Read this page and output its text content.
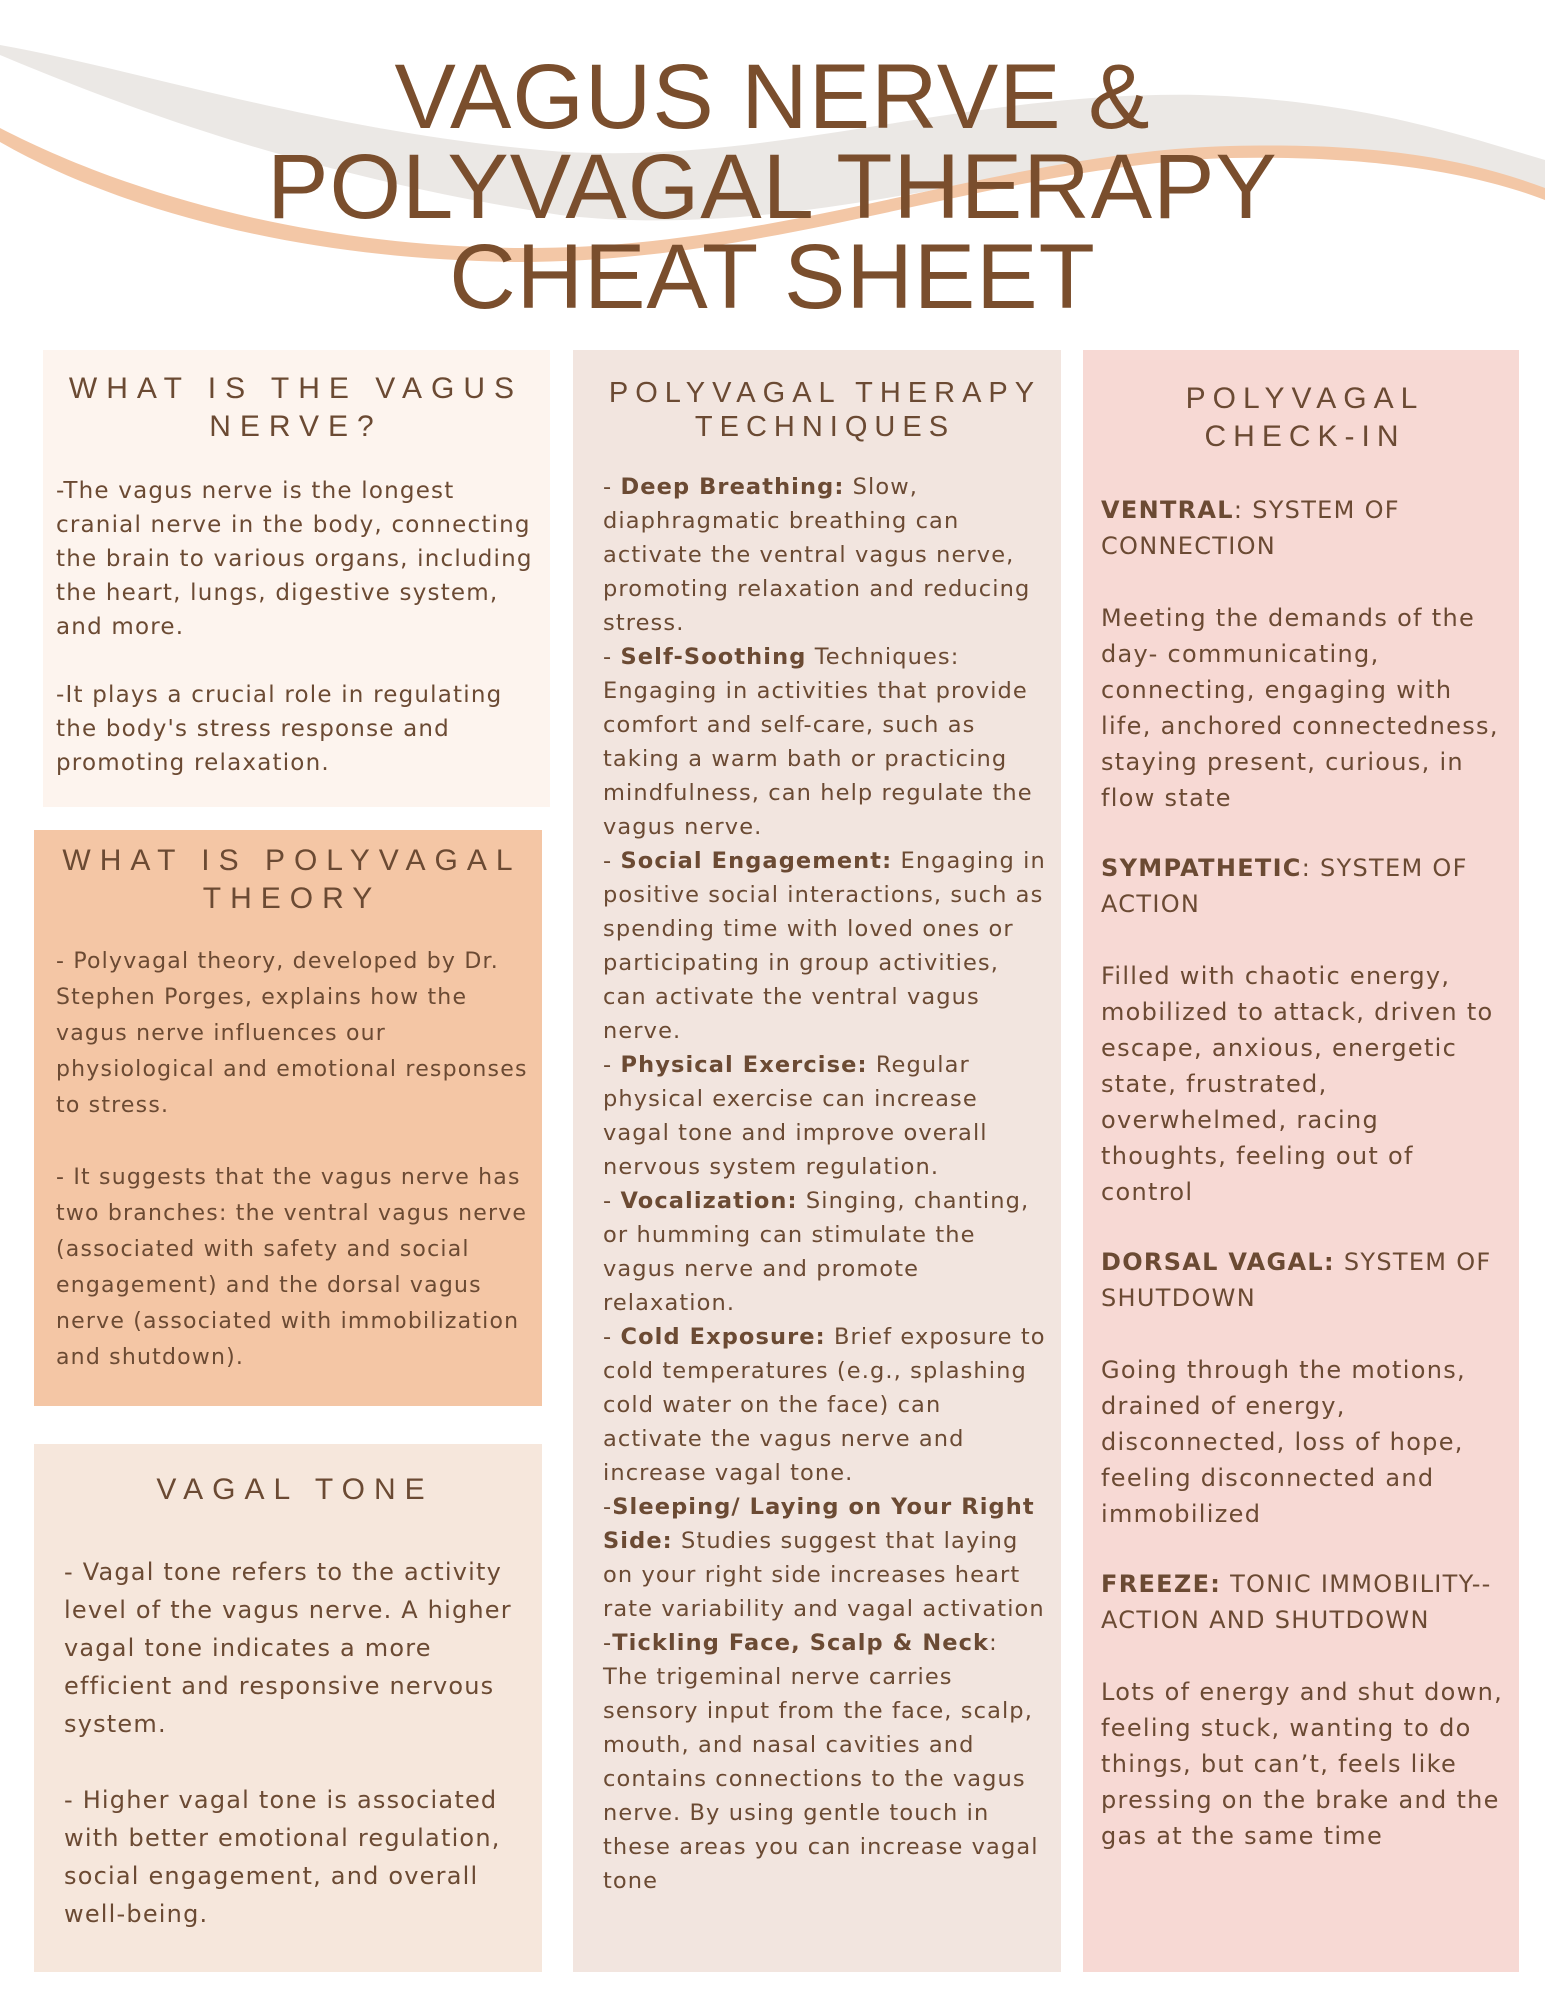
VAGUS NERVE &
POLYVAGAL THERAPY
CHEAT SHEET
WHAT IS THE VAGUS NERVE?

-The vagus nerve is the longest cranial nerve in the body, connecting the brain to various organs, including the heart, lungs, digestive system, and more.

-It plays a crucial role in regulating the body's stress response and promoting relaxation.

WHAT IS POLYVAGAL THEORY

- Polyvagal theory, developed by Dr. Stephen Porges, explains how the vagus nerve influences our physiological and emotional responses to stress.

- It suggests that the vagus nerve has two branches: the ventral vagus nerve (associated with safety and social engagement) and the dorsal vagus nerve (associated with immobilization and shutdown).

VAGAL TONE

- Vagal tone refers to the activity level of the vagus nerve. A higher vagal tone indicates a more efficient and responsive nervous system.

- Higher vagal tone is associated with better emotional regulation, social engagement, and overall well-being.

POLYVAGAL THERAPY TECHNIQUES
- Deep Breathing: Slow, diaphragmatic breathing can activate the ventral vagus nerve, promoting relaxation and reducing stress.
- Self-Soothing Techniques: Engaging in activities that provide comfort and self-care, such as taking a warm bath or practicing mindfulness, can help regulate the vagus nerve.
- Social Engagement: Engaging in positive social interactions, such as spending time with loved ones or participating in group activities, can activate the ventral vagus nerve.
- Physical Exercise: Regular physical exercise can increase vagal tone and improve overall nervous system regulation.
- Vocalization: Singing, chanting, or humming can stimulate the vagus nerve and promote relaxation.
- Cold Exposure: Brief exposure to cold temperatures (e.g., splashing cold water on the face) can activate the vagus nerve and increase vagal tone.
-Sleeping/ Laying on Your Right Side: Studies suggest that laying on your right side increases heart rate variability and vagal activation
-Tickling Face, Scalp & Neck: The trigeminal nerve carries sensory input from the face, scalp, mouth, and nasal cavities and contains connections to the vagus nerve. By using gentle touch in these areas you can increase vagal tone
POLYVAGAL CHECK-IN
VENTRAL: SYSTEM OF CONNECTION
Meeting the demands of the day- communicating, connecting, engaging with life, anchored connectedness, staying present, curious, in flow state
SYMPATHETIC: SYSTEM OF ACTION
Filled with chaotic energy, mobilized to attack, driven to escape, anxious, energetic state, frustrated, overwhelmed, racing thoughts, feeling out of control
DORSAL VAGAL: SYSTEM OF SHUTDOWN
Going through the motions, drained of energy, disconnected, loss of hope, feeling disconnected and immobilized
FREEZE: TONIC IMMOBILITY-- ACTION AND SHUTDOWN
Lots of energy and shut down, feeling stuck, wanting to do things, but can’t, feels like pressing on the brake and the gas at the same time
